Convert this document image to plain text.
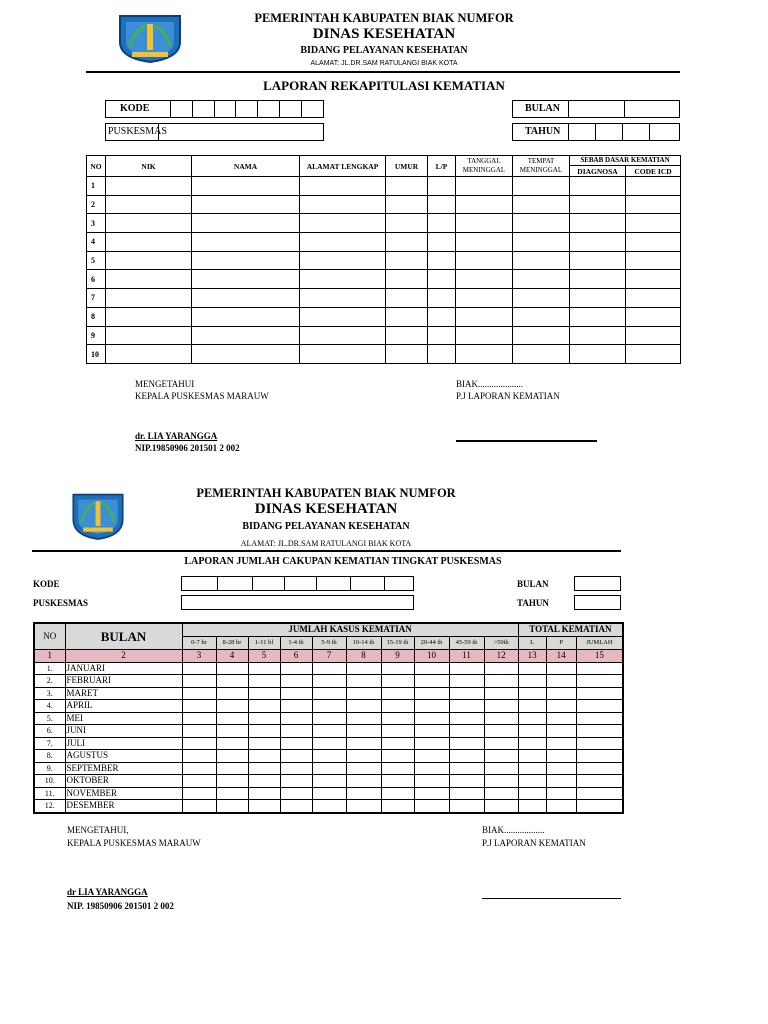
PEMERINTAH KABUPATEN BIAK NUMFOR
DINAS KESEHATAN
BIDANG PELAYANAN KESEHATAN
ALAMAT: JL.DR.SAM RATULANGI BIAK KOTA
LAPORAN REKAPITULASI KEMATIAN
KODE
PUSKESMAS
BULAN
TAHUN
NO	NIK	NAMA	ALAMAT LENGKAP	UMUR	L/P	TANGGAL MENINGGAL	TEMPAT MENINGGAL	SEBAB DASAR KEMATIAN	
								DIAGNOSA	CODE ICD
1									
2									
3									
4									
5									
6									
7									
8									
9									
10									
MENGETAHUI
KEPALA PUSKESMAS MARAUW
BIAK....................
P.J LAPORAN KEMATIAN
dr. LIA YARANGGA
NIP.19850906 201501 2 002
PEMERINTAH KABUPATEN BIAK NUMFOR
DINAS KESEHATAN
BIDANG PELAYANAN KESEHATAN
ALAMAT: JL.DR.SAM RATULANGI BIAK KOTA
LAPORAN JUMLAH CAKUPAN KEMATIAN TINGKAT PUSKESMAS
KODE
PUSKESMAS
BULAN
TAHUN
NO	BULAN	JUMLAH KASUS KEMATIAN										TOTAL KEMATIAN		
		0-7 hr	8-28 hr	1-11 bl	1-4 th	5-9 th	10-14 th	15-19 th	20-44 th	45-59 th	>59th	L	P	JUMLAH
1	2	3	4	5	6	7	8	9	10	11	12	13	14	15
1.	JANUARI													
2.	FEBRUARI													
3.	MARET													
4.	APRIL													
5.	MEI													
6.	JUNI													
7.	JULI													
8.	AGUSTUS													
9.	SEPTEMBER													
10.	OKTOBER													
11.	NOVEMBER													
12.	DESEMBER													
MENGETAHUI,
KEPALA PUSKESMAS MARAUW
BIAK..................
P.J LAPORAN KEMATIAN
dr LIA YARANGGA
NIP. 19850906 201501 2 002
